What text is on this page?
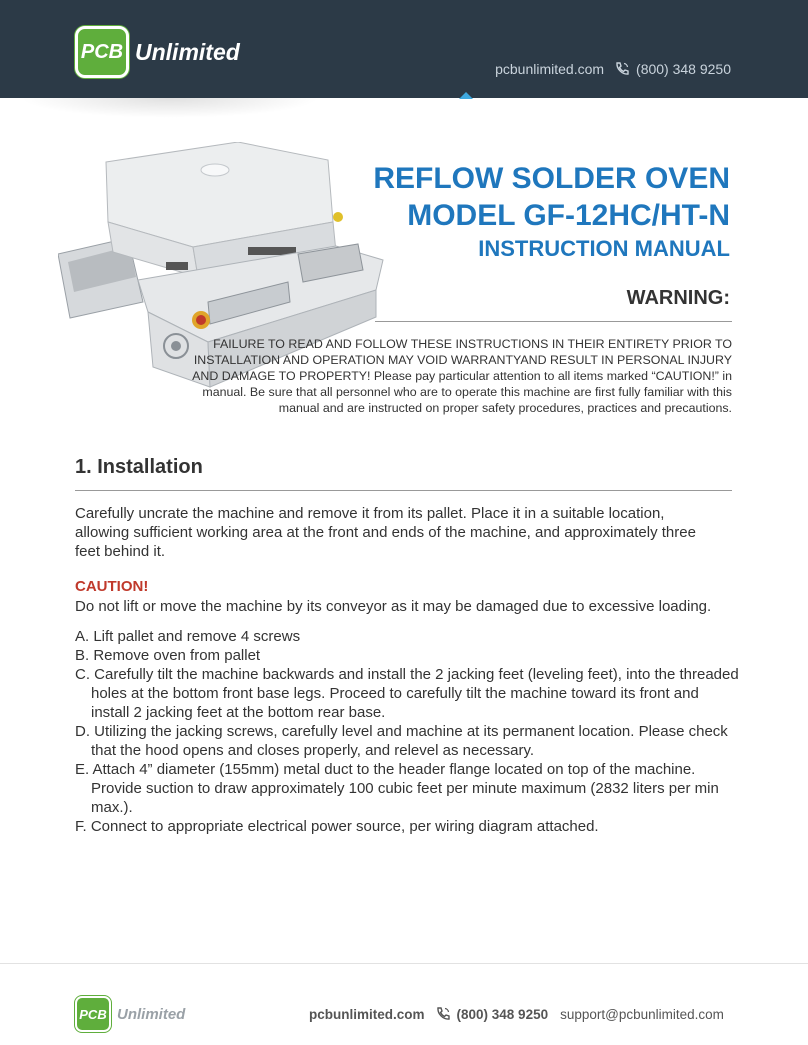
PCB Unlimited
pcbunlimited.com (800) 348 9250
REFLOW SOLDER OVEN
MODEL GF-12HC/HT-N
INSTRUCTION MANUAL
WARNING:
FAILURE TO READ AND FOLLOW THESE INSTRUCTIONS IN THEIR ENTIRETY PRIOR TO INSTALLATION AND OPERATION MAY VOID WARRANTYAND RESULT IN PERSONAL INJURY AND DAMAGE TO PROPERTY! Please pay particular attention to all items marked “CAUTION!” in manual. Be sure that all personnel who are to operate this machine are first fully familiar with this manual and are instructed on proper safety procedures, practices and precautions.
1. Installation
Carefully uncrate the machine and remove it from its pallet. Place it in a suitable location, allowing sufficient working area at the front and ends of the machine, and approximately three feet behind it.
CAUTION!
Do not lift or move the machine by its conveyor as it may be damaged due to excessive loading.
A. Lift pallet and remove 4 screws
B. Remove oven from pallet
C. Carefully tilt the machine backwards and install the 2 jacking feet (leveling feet), into the threaded holes at the bottom front base legs. Proceed to carefully tilt the machine toward its front and install 2 jacking feet at the bottom rear base.
D. Utilizing the jacking screws, carefully level and machine at its permanent location. Please check that the hood opens and closes properly, and relevel as necessary.
E. Attach 4” diameter (155mm) metal duct to the header flange located on top of the machine. Provide suction to draw approximately 100 cubic feet per minute maximum (2832 liters per min max.).
F. Connect to appropriate electrical power source, per wiring diagram attached.
PCB Unlimited	pcbunlimited.com (800) 348 9250 support@pcbunlimited.com
